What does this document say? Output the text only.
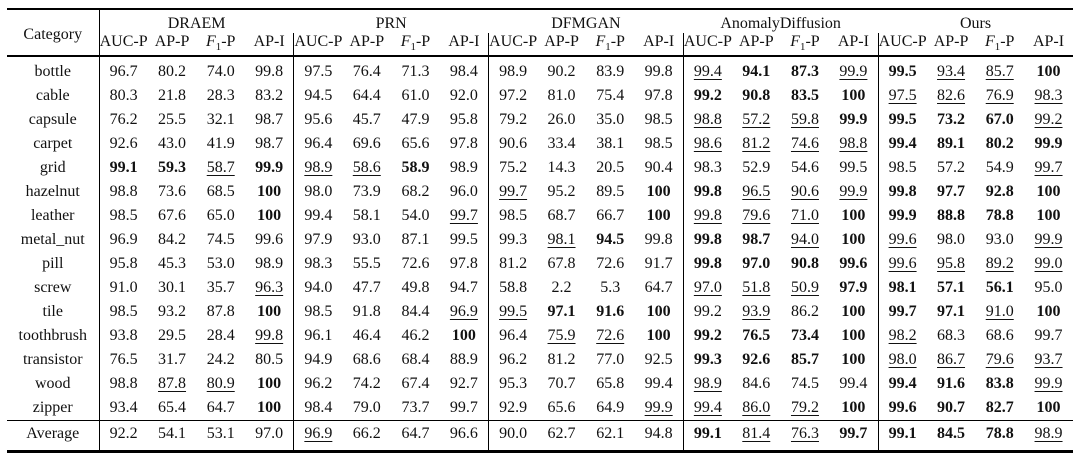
Category	DRAEM				PRN				DFMGAN				AnomalyDiffusion				Ours			
	AUC-P	AP-P	$F_1-P$	AP-I	AUC-P	AP-P	$F_1-P$	AP-I	AUC-P	AP-P	$F_1-P$	AP-I	AUC-P	AP-P	$F_1-P$	AP-I	AUC-P	AP-P	$F_1-P$	AP-I
bottle	96.7	80.2	74.0	99.8	97.5	76.4	71.3	98.4	98.9	90.2	83.9	99.8	99.4	94.1	87.3	99.9	99.5	93.4	85.7	100
cable	80.3	21.8	28.3	83.2	94.5	64.4	61.0	92.0	97.2	81.0	75.4	97.8	99.2	90.8	83.5	100	97.5	82.6	76.9	98.3
capsule	76.2	25.5	32.1	98.7	95.6	45.7	47.9	95.8	79.2	26.0	35.0	98.5	98.8	57.2	59.8	99.9	99.5	73.2	67.0	99.2
carpet	92.6	43.0	41.9	98.7	96.4	69.6	65.6	97.8	90.6	33.4	38.1	98.5	98.6	81.2	74.6	98.8	99.4	89.1	80.2	99.9
grid	99.1	59.3	58.7	99.9	98.9	58.6	58.9	98.9	75.2	14.3	20.5	90.4	98.3	52.9	54.6	99.5	98.5	57.2	54.9	99.7
hazelnut	98.8	73.6	68.5	100	98.0	73.9	68.2	96.0	99.7	95.2	89.5	100	99.8	96.5	90.6	99.9	99.8	97.7	92.8	100
leather	98.5	67.6	65.0	100	99.4	58.1	54.0	99.7	98.5	68.7	66.7	100	99.8	79.6	71.0	100	99.9	88.8	78.8	100
metal_nut	96.9	84.2	74.5	99.6	97.9	93.0	87.1	99.5	99.3	98.1	94.5	99.8	99.8	98.7	94.0	100	99.6	98.0	93.0	99.9
pill	95.8	45.3	53.0	98.9	98.3	55.5	72.6	97.8	81.2	67.8	72.6	91.7	99.8	97.0	90.8	99.6	99.6	95.8	89.2	99.0
screw	91.0	30.1	35.7	96.3	94.0	47.7	49.8	94.7	58.8	2.2	5.3	64.7	97.0	51.8	50.9	97.9	98.1	57.1	56.1	95.0
tile	98.5	93.2	87.8	100	98.5	91.8	84.4	96.9	99.5	97.1	91.6	100	99.2	93.9	86.2	100	99.7	97.1	91.0	100
toothbrush	93.8	29.5	28.4	99.8	96.1	46.4	46.2	100	96.4	75.9	72.6	100	99.2	76.5	73.4	100	98.2	68.3	68.6	99.7
transistor	76.5	31.7	24.2	80.5	94.9	68.6	68.4	88.9	96.2	81.2	77.0	92.5	99.3	92.6	85.7	100	98.0	86.7	79.6	93.7
wood	98.8	87.8	80.9	100	96.2	74.2	67.4	92.7	95.3	70.7	65.8	99.4	98.9	84.6	74.5	99.4	99.4	91.6	83.8	99.9
zipper	93.4	65.4	64.7	100	98.4	79.0	73.7	99.7	92.9	65.6	64.9	99.9	99.4	86.0	79.2	100	99.6	90.7	82.7	100
Average	92.2	54.1	53.1	97.0	96.9	66.2	64.7	96.6	90.0	62.7	62.1	94.8	99.1	81.4	76.3	99.7	99.1	84.5	78.8	98.9
